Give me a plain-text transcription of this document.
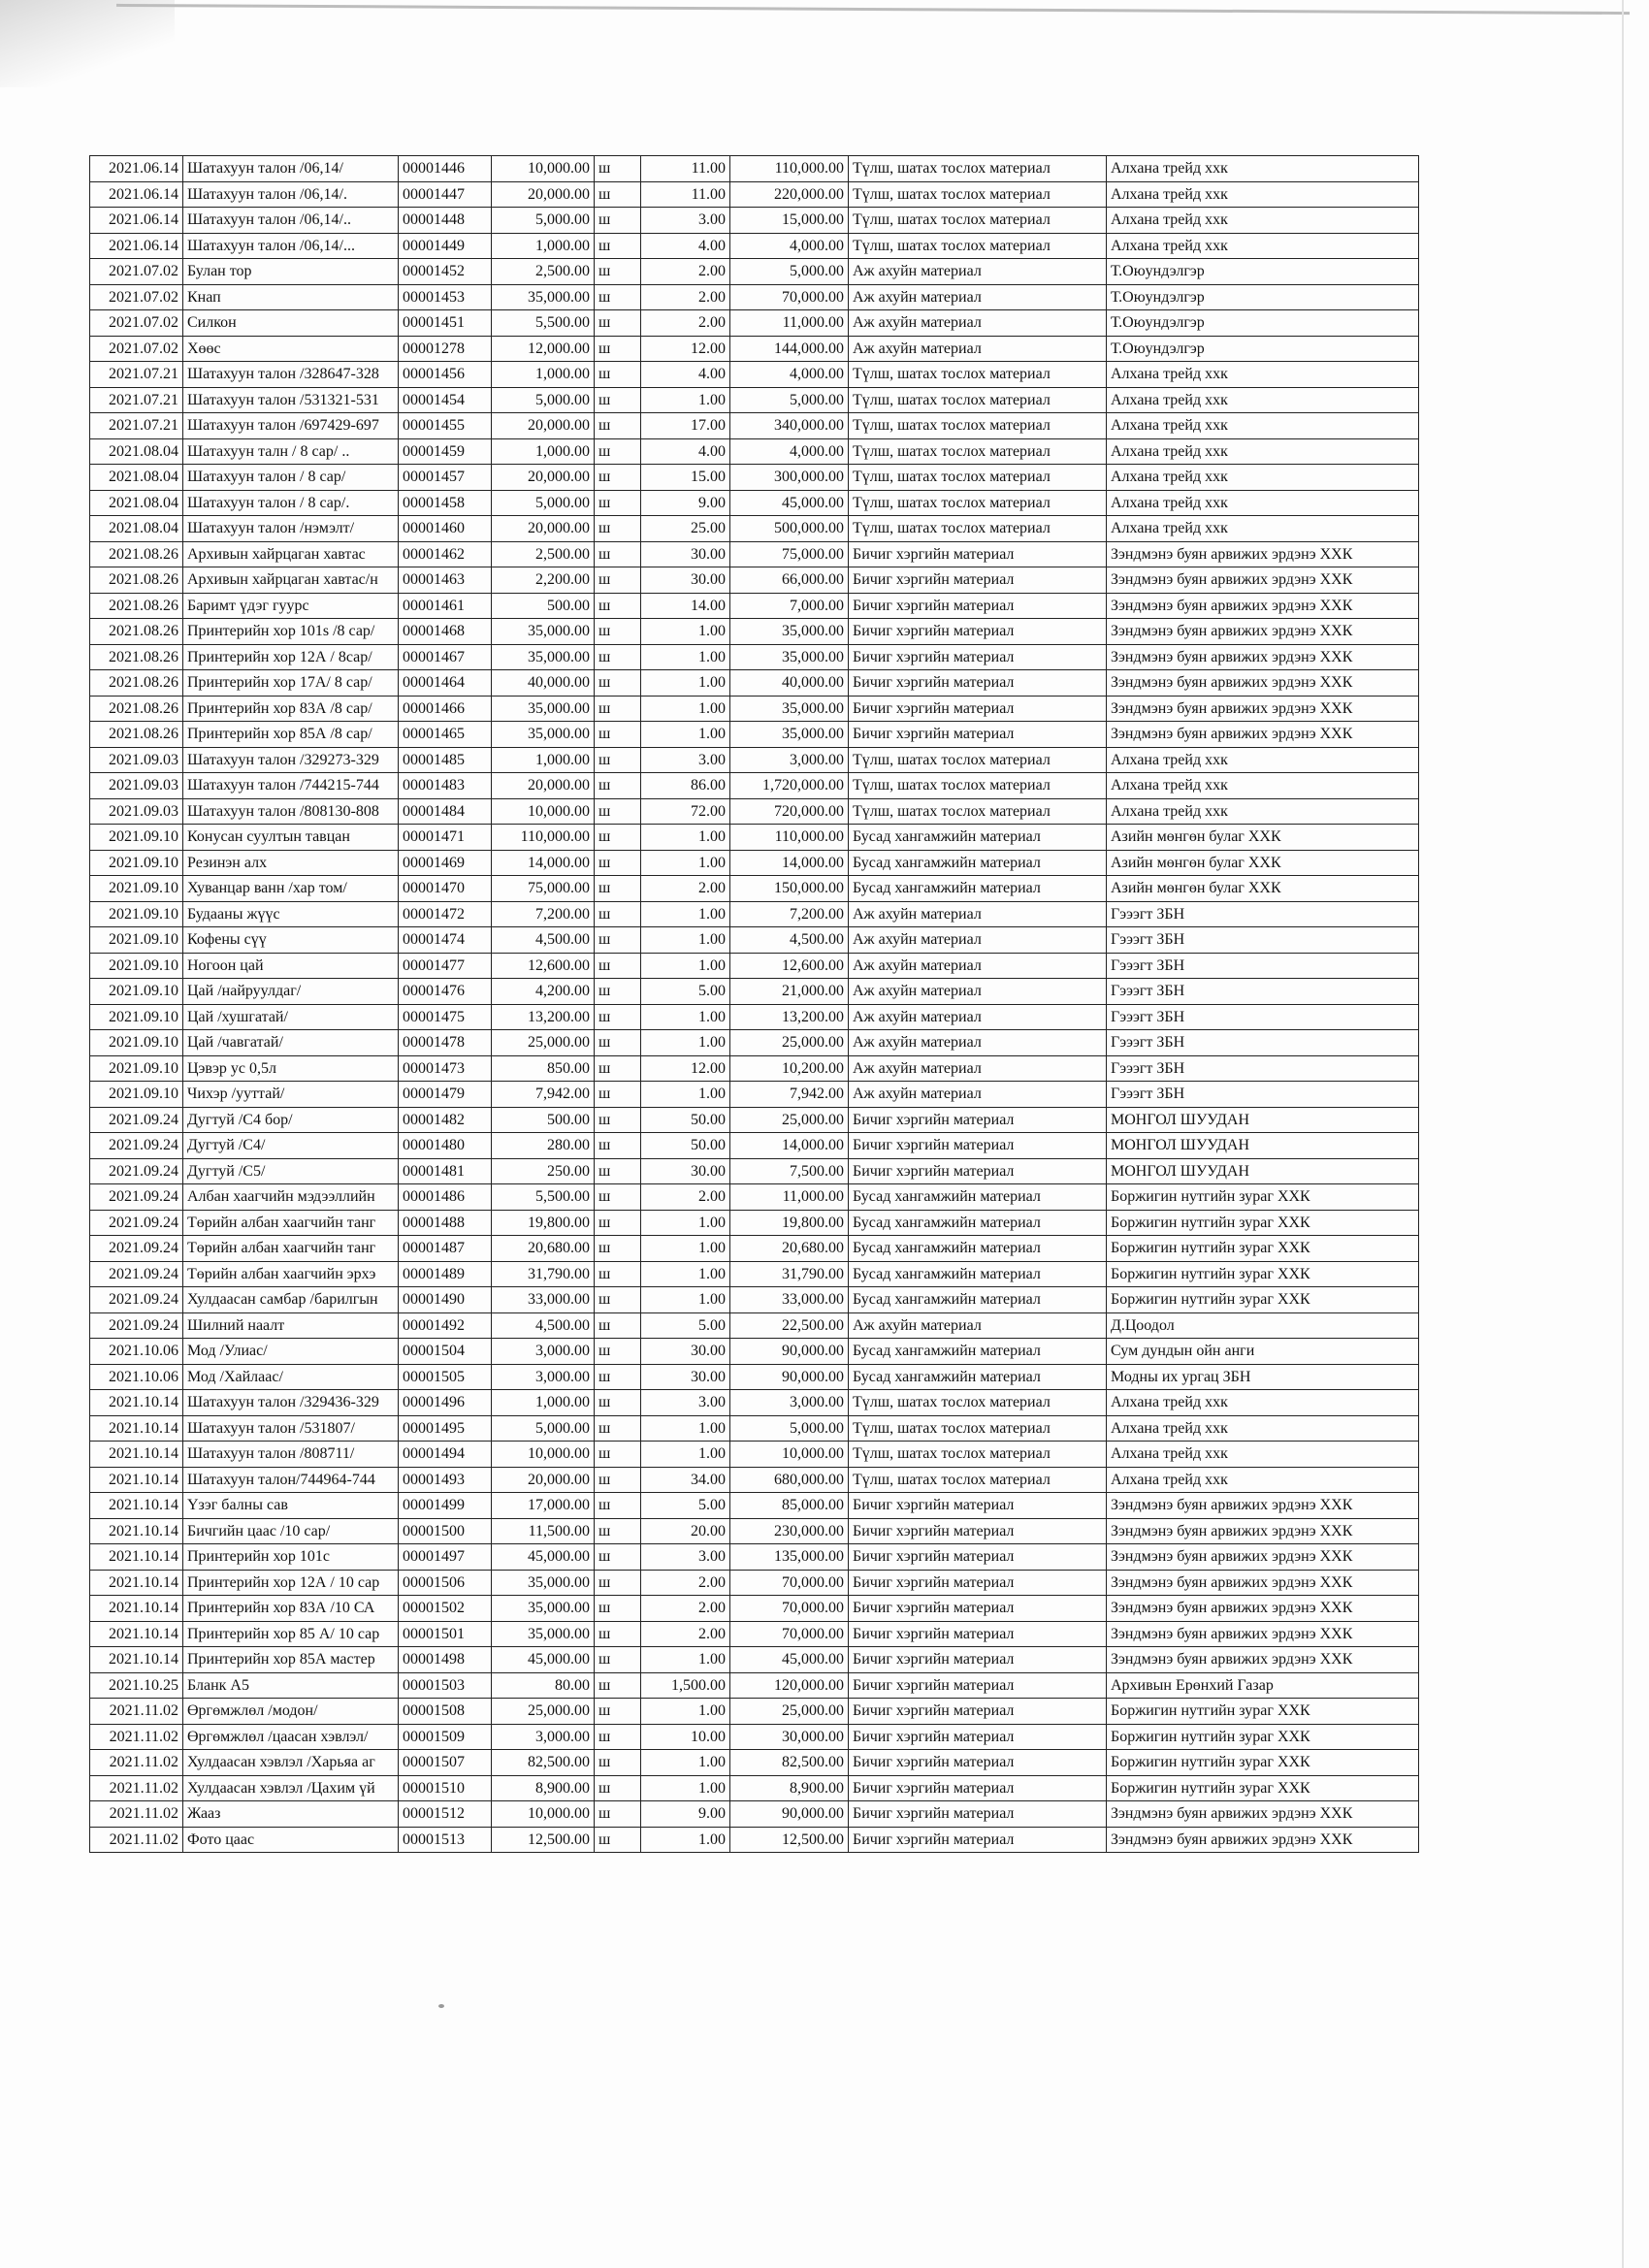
2021.06.14	Шатахуун талон /06,14/	00001446	10,000.00	ш	11.00	110,000.00	Түлш, шатах тослох материал	Алхана трейд ххк
2021.06.14	Шатахуун талон /06,14/.	00001447	20,000.00	ш	11.00	220,000.00	Түлш, шатах тослох материал	Алхана трейд ххк
2021.06.14	Шатахуун талон /06,14/..	00001448	5,000.00	ш	3.00	15,000.00	Түлш, шатах тослох материал	Алхана трейд ххк
2021.06.14	Шатахуун талон /06,14/...	00001449	1,000.00	ш	4.00	4,000.00	Түлш, шатах тослох материал	Алхана трейд ххк
2021.07.02	Булан тор	00001452	2,500.00	ш	2.00	5,000.00	Аж ахуйн материал	Т.Оюундэлгэр
2021.07.02	Кнап	00001453	35,000.00	ш	2.00	70,000.00	Аж ахуйн материал	Т.Оюундэлгэр
2021.07.02	Силкон	00001451	5,500.00	ш	2.00	11,000.00	Аж ахуйн материал	Т.Оюундэлгэр
2021.07.02	Хөөс	00001278	12,000.00	ш	12.00	144,000.00	Аж ахуйн материал	Т.Оюундэлгэр
2021.07.21	Шатахуун талон /328647-328	00001456	1,000.00	ш	4.00	4,000.00	Түлш, шатах тослох материал	Алхана трейд ххк
2021.07.21	Шатахуун талон /531321-531	00001454	5,000.00	ш	1.00	5,000.00	Түлш, шатах тослох материал	Алхана трейд ххк
2021.07.21	Шатахуун талон /697429-697	00001455	20,000.00	ш	17.00	340,000.00	Түлш, шатах тослох материал	Алхана трейд ххк
2021.08.04	Шатахуун талн / 8 сар/ ..	00001459	1,000.00	ш	4.00	4,000.00	Түлш, шатах тослох материал	Алхана трейд ххк
2021.08.04	Шатахуун талон / 8 сар/	00001457	20,000.00	ш	15.00	300,000.00	Түлш, шатах тослох материал	Алхана трейд ххк
2021.08.04	Шатахуун талон / 8 сар/.	00001458	5,000.00	ш	9.00	45,000.00	Түлш, шатах тослох материал	Алхана трейд ххк
2021.08.04	Шатахуун талон /нэмэлт/	00001460	20,000.00	ш	25.00	500,000.00	Түлш, шатах тослох материал	Алхана трейд ххк
2021.08.26	Архивын хайрцаган хавтас	00001462	2,500.00	ш	30.00	75,000.00	Бичиг хэргийн материал	Зэндмэнэ буян арвижих эрдэнэ ХХК
2021.08.26	Архивын хайрцаган хавтас/н	00001463	2,200.00	ш	30.00	66,000.00	Бичиг хэргийн материал	Зэндмэнэ буян арвижих эрдэнэ ХХК
2021.08.26	Баримт үдэг гуурс	00001461	500.00	ш	14.00	7,000.00	Бичиг хэргийн материал	Зэндмэнэ буян арвижих эрдэнэ ХХК
2021.08.26	Принтерийн хор 101s /8 сар/	00001468	35,000.00	ш	1.00	35,000.00	Бичиг хэргийн материал	Зэндмэнэ буян арвижих эрдэнэ ХХК
2021.08.26	Принтерийн хор 12А / 8сар/	00001467	35,000.00	ш	1.00	35,000.00	Бичиг хэргийн материал	Зэндмэнэ буян арвижих эрдэнэ ХХК
2021.08.26	Принтерийн хор 17А/ 8 сар/	00001464	40,000.00	ш	1.00	40,000.00	Бичиг хэргийн материал	Зэндмэнэ буян арвижих эрдэнэ ХХК
2021.08.26	Принтерийн хор 83А /8 сар/	00001466	35,000.00	ш	1.00	35,000.00	Бичиг хэргийн материал	Зэндмэнэ буян арвижих эрдэнэ ХХК
2021.08.26	Принтерийн хор 85А /8 сар/	00001465	35,000.00	ш	1.00	35,000.00	Бичиг хэргийн материал	Зэндмэнэ буян арвижих эрдэнэ ХХК
2021.09.03	Шатахуун талон /329273-329	00001485	1,000.00	ш	3.00	3,000.00	Түлш, шатах тослох материал	Алхана трейд ххк
2021.09.03	Шатахуун талон /744215-744	00001483	20,000.00	ш	86.00	1,720,000.00	Түлш, шатах тослох материал	Алхана трейд ххк
2021.09.03	Шатахуун талон /808130-808	00001484	10,000.00	ш	72.00	720,000.00	Түлш, шатах тослох материал	Алхана трейд ххк
2021.09.10	Конусан суултын тавцан	00001471	110,000.00	ш	1.00	110,000.00	Бусад хангамжийн материал	Азийн мөнгөн булаг ХХК
2021.09.10	Резинэн алх	00001469	14,000.00	ш	1.00	14,000.00	Бусад хангамжийн материал	Азийн мөнгөн булаг ХХК
2021.09.10	Хуванцар ванн /хар том/	00001470	75,000.00	ш	2.00	150,000.00	Бусад хангамжийн материал	Азийн мөнгөн булаг ХХК
2021.09.10	Будааны жүүс	00001472	7,200.00	ш	1.00	7,200.00	Аж ахуйн материал	Гэээгт ЗБН
2021.09.10	Кофены сүү	00001474	4,500.00	ш	1.00	4,500.00	Аж ахуйн материал	Гэээгт ЗБН
2021.09.10	Ногоон цай	00001477	12,600.00	ш	1.00	12,600.00	Аж ахуйн материал	Гэээгт ЗБН
2021.09.10	Цай /найруулдаг/	00001476	4,200.00	ш	5.00	21,000.00	Аж ахуйн материал	Гэээгт ЗБН
2021.09.10	Цай /хушгатай/	00001475	13,200.00	ш	1.00	13,200.00	Аж ахуйн материал	Гэээгт ЗБН
2021.09.10	Цай /чавгатай/	00001478	25,000.00	ш	1.00	25,000.00	Аж ахуйн материал	Гэээгт ЗБН
2021.09.10	Цэвэр ус 0,5л	00001473	850.00	ш	12.00	10,200.00	Аж ахуйн материал	Гэээгт ЗБН
2021.09.10	Чихэр /ууттай/	00001479	7,942.00	ш	1.00	7,942.00	Аж ахуйн материал	Гэээгт ЗБН
2021.09.24	Дугтуй /С4 бор/	00001482	500.00	ш	50.00	25,000.00	Бичиг хэргийн материал	МОНГОЛ ШУУДАН
2021.09.24	Дугтуй /С4/	00001480	280.00	ш	50.00	14,000.00	Бичиг хэргийн материал	МОНГОЛ ШУУДАН
2021.09.24	Дугтуй /С5/	00001481	250.00	ш	30.00	7,500.00	Бичиг хэргийн материал	МОНГОЛ ШУУДАН
2021.09.24	Албан хаагчийн мэдээллийн	00001486	5,500.00	ш	2.00	11,000.00	Бусад хангамжийн материал	Боржигин нутгийн зураг ХХК
2021.09.24	Төрийн албан хаагчийн танг	00001488	19,800.00	ш	1.00	19,800.00	Бусад хангамжийн материал	Боржигин нутгийн зураг ХХК
2021.09.24	Төрийн албан хаагчийн танг	00001487	20,680.00	ш	1.00	20,680.00	Бусад хангамжийн материал	Боржигин нутгийн зураг ХХК
2021.09.24	Төрийн албан хаагчийн эрхэ	00001489	31,790.00	ш	1.00	31,790.00	Бусад хангамжийн материал	Боржигин нутгийн зураг ХХК
2021.09.24	Хулдаасан самбар /барилгын	00001490	33,000.00	ш	1.00	33,000.00	Бусад хангамжийн материал	Боржигин нутгийн зураг ХХК
2021.09.24	Шилний наалт	00001492	4,500.00	ш	5.00	22,500.00	Аж ахуйн материал	Д.Цоодол
2021.10.06	Мод /Улиас/	00001504	3,000.00	ш	30.00	90,000.00	Бусад хангамжийн материал	Сум дундын ойн анги
2021.10.06	Мод /Хайлаас/	00001505	3,000.00	ш	30.00	90,000.00	Бусад хангамжийн материал	Модны их ургац ЗБН
2021.10.14	Шатахуун талон /329436-329	00001496	1,000.00	ш	3.00	3,000.00	Түлш, шатах тослох материал	Алхана трейд ххк
2021.10.14	Шатахуун талон /531807/	00001495	5,000.00	ш	1.00	5,000.00	Түлш, шатах тослох материал	Алхана трейд ххк
2021.10.14	Шатахуун талон /808711/	00001494	10,000.00	ш	1.00	10,000.00	Түлш, шатах тослох материал	Алхана трейд ххк
2021.10.14	Шатахуун талон/744964-744	00001493	20,000.00	ш	34.00	680,000.00	Түлш, шатах тослох материал	Алхана трейд ххк
2021.10.14	Үзэг балны сав	00001499	17,000.00	ш	5.00	85,000.00	Бичиг хэргийн материал	Зэндмэнэ буян арвижих эрдэнэ ХХК
2021.10.14	Бичгийн цаас /10 сар/	00001500	11,500.00	ш	20.00	230,000.00	Бичиг хэргийн материал	Зэндмэнэ буян арвижих эрдэнэ ХХК
2021.10.14	Принтерийн хор 101с	00001497	45,000.00	ш	3.00	135,000.00	Бичиг хэргийн материал	Зэндмэнэ буян арвижих эрдэнэ ХХК
2021.10.14	Принтерийн хор 12А / 10 сар	00001506	35,000.00	ш	2.00	70,000.00	Бичиг хэргийн материал	Зэндмэнэ буян арвижих эрдэнэ ХХК
2021.10.14	Принтерийн хор 83А /10 СА	00001502	35,000.00	ш	2.00	70,000.00	Бичиг хэргийн материал	Зэндмэнэ буян арвижих эрдэнэ ХХК
2021.10.14	Принтерийн хор 85 А/ 10 сар	00001501	35,000.00	ш	2.00	70,000.00	Бичиг хэргийн материал	Зэндмэнэ буян арвижих эрдэнэ ХХК
2021.10.14	Принтерийн хор 85А мастер	00001498	45,000.00	ш	1.00	45,000.00	Бичиг хэргийн материал	Зэндмэнэ буян арвижих эрдэнэ ХХК
2021.10.25	Бланк А5	00001503	80.00	ш	1,500.00	120,000.00	Бичиг хэргийн материал	Архивын Ерөнхий Газар
2021.11.02	Өргөмжлөл /модон/	00001508	25,000.00	ш	1.00	25,000.00	Бичиг хэргийн материал	Боржигин нутгийн зураг ХХК
2021.11.02	Өргөмжлөл /цаасан хэвлэл/	00001509	3,000.00	ш	10.00	30,000.00	Бичиг хэргийн материал	Боржигин нутгийн зураг ХХК
2021.11.02	Хулдаасан хэвлэл /Харьяа аг	00001507	82,500.00	ш	1.00	82,500.00	Бичиг хэргийн материал	Боржигин нутгийн зураг ХХК
2021.11.02	Хулдаасан хэвлэл /Цахим үй	00001510	8,900.00	ш	1.00	8,900.00	Бичиг хэргийн материал	Боржигин нутгийн зураг ХХК
2021.11.02	Жааз	00001512	10,000.00	ш	9.00	90,000.00	Бичиг хэргийн материал	Зэндмэнэ буян арвижих эрдэнэ ХХК
2021.11.02	Фото цаас	00001513	12,500.00	ш	1.00	12,500.00	Бичиг хэргийн материал	Зэндмэнэ буян арвижих эрдэнэ ХХК
